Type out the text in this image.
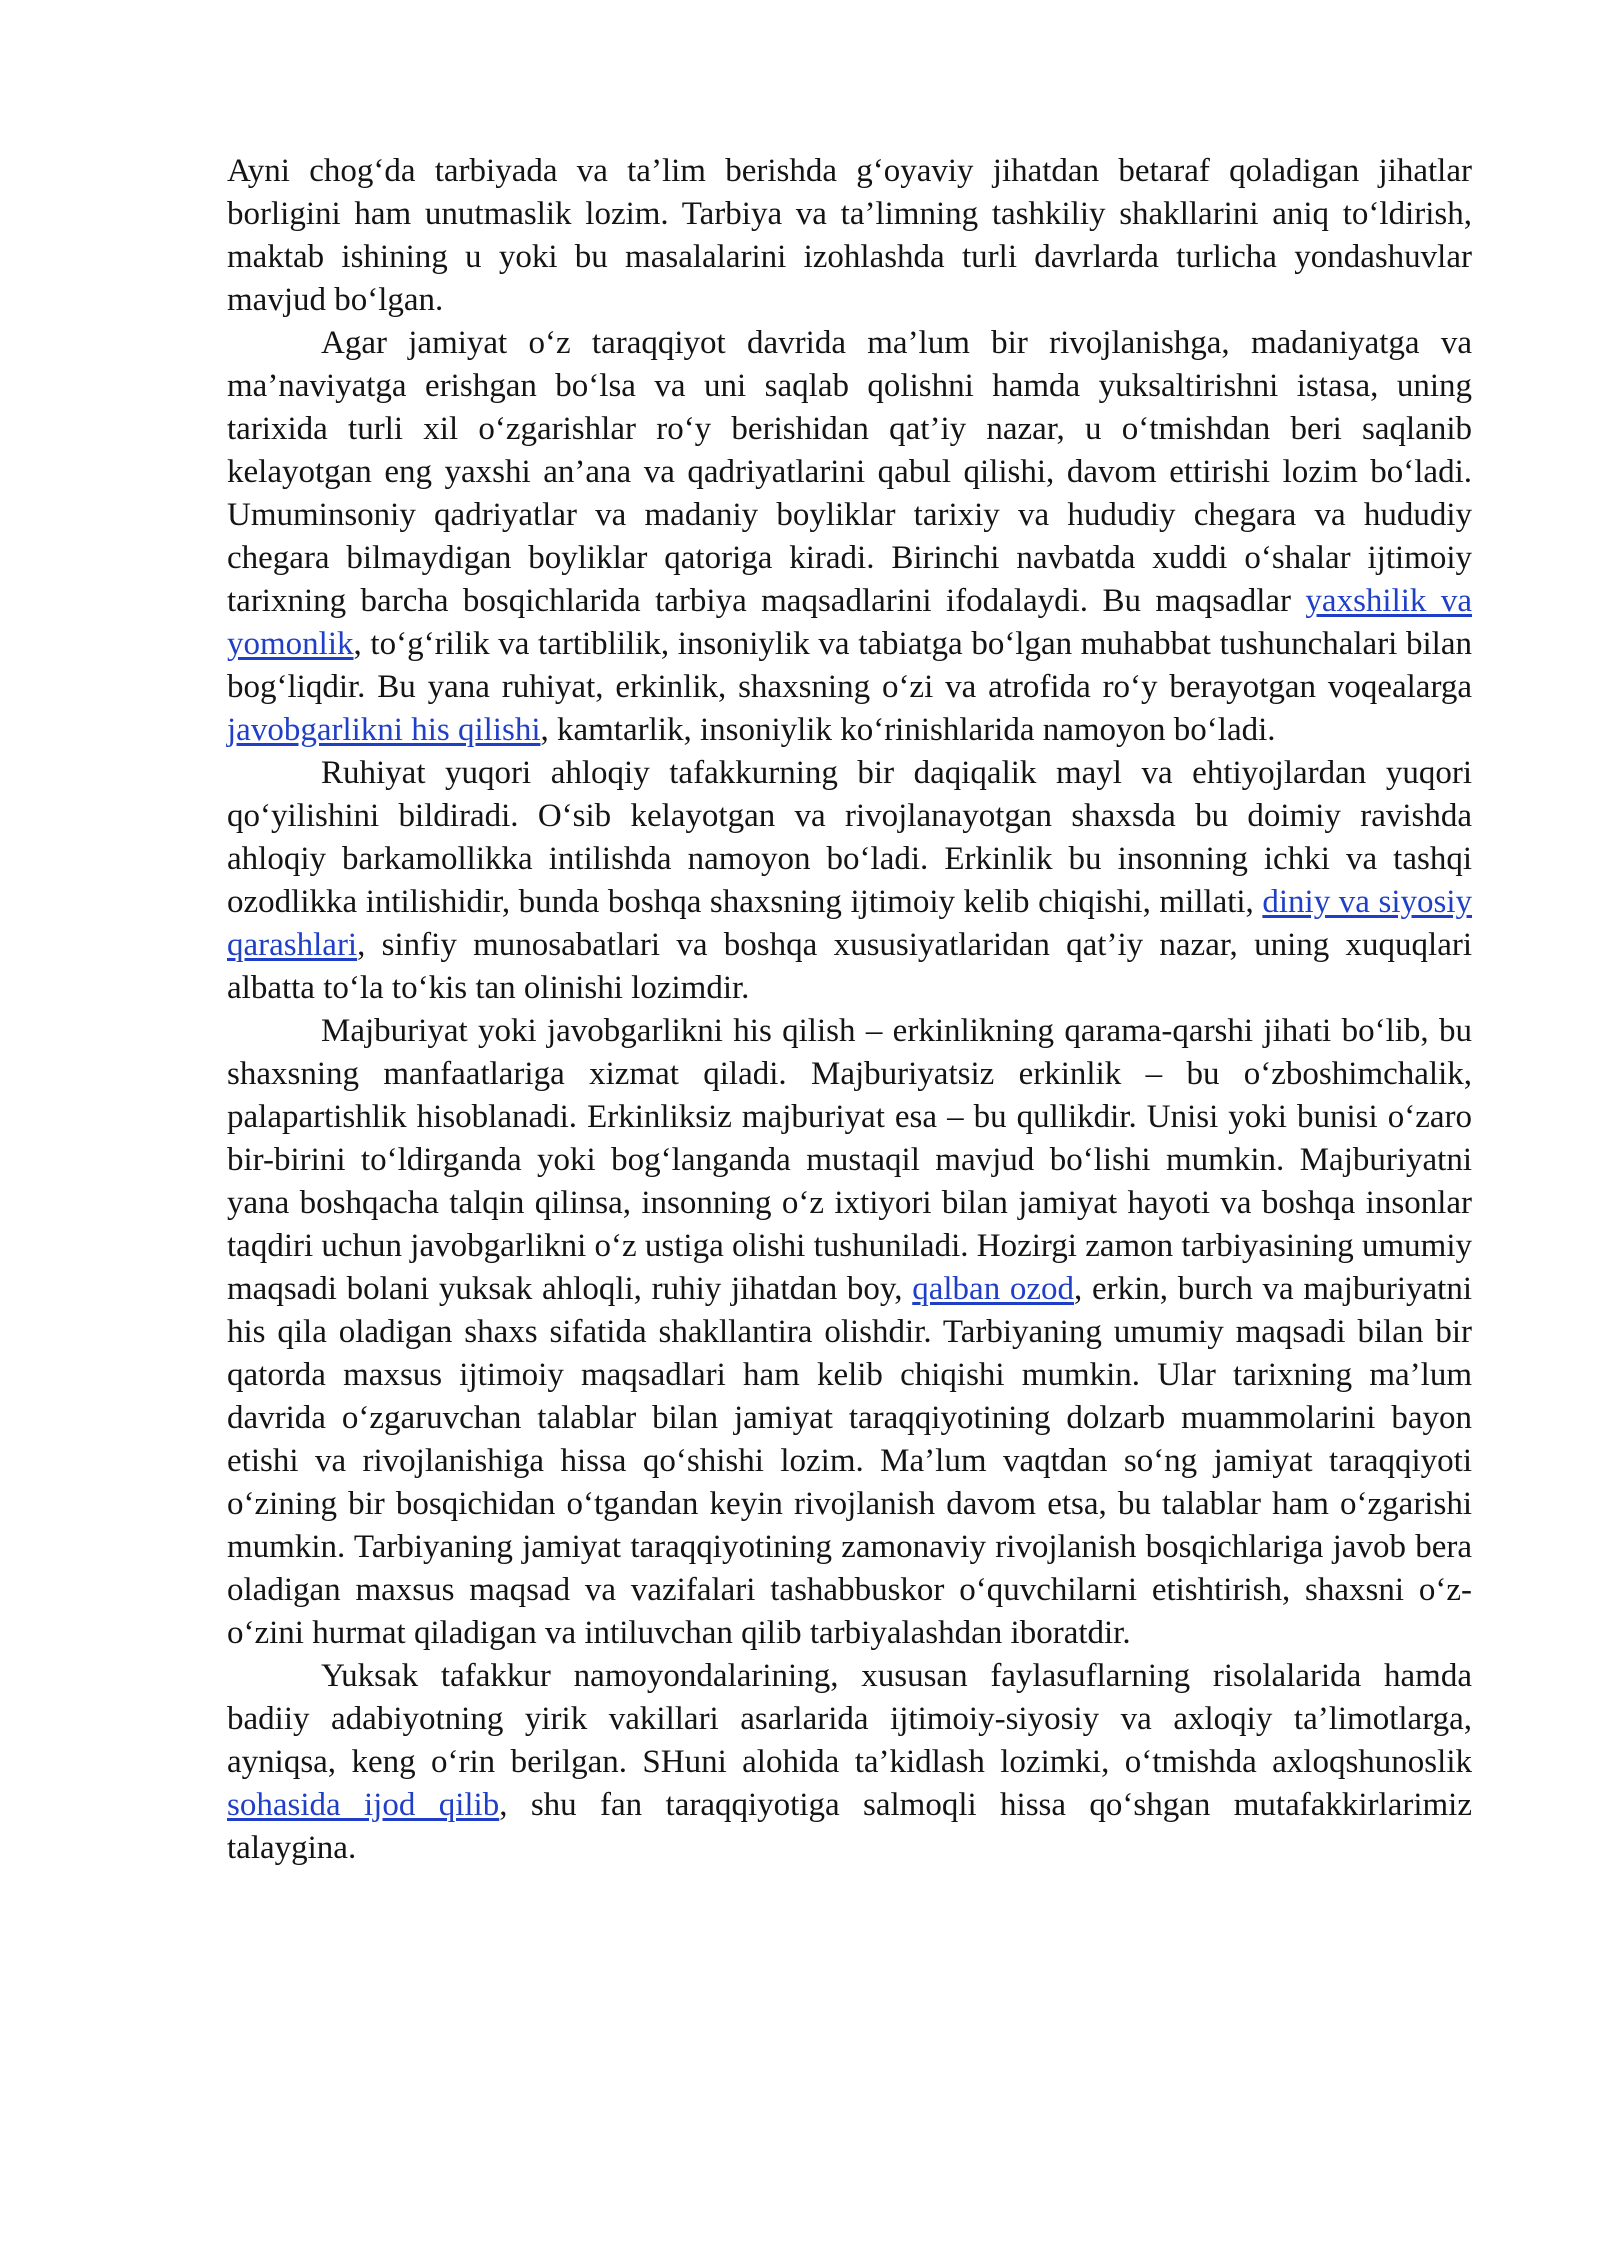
Ayni chog‘da tarbiyada va ta’lim berishda g‘oyaviy jihatdan betaraf qoladigan jihatlar borligini ham unutmaslik lozim. Tarbiya va ta’limning tashkiliy shakllarini aniq to‘ldirish, maktab ishining u yoki bu masalalarini izohlashda turli davrlarda turlicha yondashuvlar mavjud bo‘lgan.

Agar jamiyat o‘z taraqqiyot davrida ma’lum bir rivojlanishga, madaniyatga va ma’naviyatga erishgan bo‘lsa va uni saqlab qolishni hamda yuksaltirishni istasa, uning tarixida turli xil o‘zgarishlar ro‘y berishidan qat’iy nazar, u o‘tmishdan beri saqlanib kelayotgan eng yaxshi an’ana va qadriyatlarini qabul qilishi, davom ettirishi lozim bo‘ladi. Umuminsoniy qadriyatlar va madaniy boyliklar tarixiy va hududiy chegara va hududiy chegara bilmaydigan boyliklar qatoriga kiradi. Birinchi navbatda xuddi o‘shalar ijtimoiy tarixning barcha bosqichlarida tarbiya maqsadlarini ifodalaydi. Bu maqsadlar yaxshilik va yomonlik, to‘g‘rilik va tartiblilik, insoniylik va tabiatga bo‘lgan muhabbat tushunchalari bilan bog‘liqdir. Bu yana ruhiyat, erkinlik, shaxsning o‘zi va atrofida ro‘y berayotgan voqealarga javobgarlikni his qilishi, kamtarlik, insoniylik ko‘rinishlarida namoyon bo‘ladi.

Ruhiyat yuqori ahloqiy tafakkurning bir daqiqalik mayl va ehtiyojlardan yuqori qo‘yilishini bildiradi. O‘sib kelayotgan va rivojlanayotgan shaxsda bu doimiy ravishda ahloqiy barkamollikka intilishda namoyon bo‘ladi. Erkinlik bu insonning ichki va tashqi ozodlikka intilishidir, bunda boshqa shaxsning ijtimoiy kelib chiqishi, millati, diniy va siyosiy qarashlari, sinfiy munosabatlari va boshqa xususiyatlaridan qat’iy nazar, uning xuquqlari albatta to‘la to‘kis tan olinishi lozimdir.

Majburiyat yoki javobgarlikni his qilish – erkinlikning qarama-qarshi jihati bo‘lib, bu shaxsning manfaatlariga xizmat qiladi. Majburiyatsiz erkinlik – bu o‘zboshimchalik, palapartishlik hisoblanadi. Erkinliksiz majburiyat esa – bu qullikdir. Unisi yoki bunisi o‘zaro bir-birini to‘ldirganda yoki bog‘langanda mustaqil mavjud bo‘lishi mumkin. Majburiyatni yana boshqacha talqin qilinsa, insonning o‘z ixtiyori bilan jamiyat hayoti va boshqa insonlar taqdiri uchun javobgarlikni o‘z ustiga olishi tushuniladi. Hozirgi zamon tarbiyasining umumiy maqsadi bolani yuksak ahloqli, ruhiy jihatdan boy, qalban ozod, erkin, burch va majburiyatni his qila oladigan shaxs sifatida shakllantira olishdir. Tarbiyaning umumiy maqsadi bilan bir qatorda maxsus ijtimoiy maqsadlari ham kelib chiqishi mumkin. Ular tarixning ma’lum davrida o‘zgaruvchan talablar bilan jamiyat taraqqiyotining dolzarb muammolarini bayon etishi va rivojlanishiga hissa qo‘shishi lozim. Ma’lum vaqtdan so‘ng jamiyat taraqqiyoti o‘zining bir bosqichidan o‘tgandan keyin rivojlanish davom etsa, bu talablar ham o‘zgarishi mumkin. Tarbiyaning jamiyat taraqqiyotining zamonaviy rivojlanish bosqichlariga javob bera oladigan maxsus maqsad va vazifalari tashabbuskor o‘quvchilarni etishtirish, shaxsni o‘z-o‘zini hurmat qiladigan va intiluvchan qilib tarbiyalashdan iboratdir.

Yuksak tafakkur namoyondalarining, xususan faylasuflarning risolalarida hamda badiiy adabiyotning yirik vakillari asarlarida ijtimoiy-siyosiy va axloqiy ta’limotlarga, ayniqsa, keng o‘rin berilgan. SHuni alohida ta’kidlash lozimki, o‘tmishda axloqshunoslik sohasida ijod qilib, shu fan taraqqiyotiga salmoqli hissa qo‘shgan mutafakkirlarimiz talaygina.
